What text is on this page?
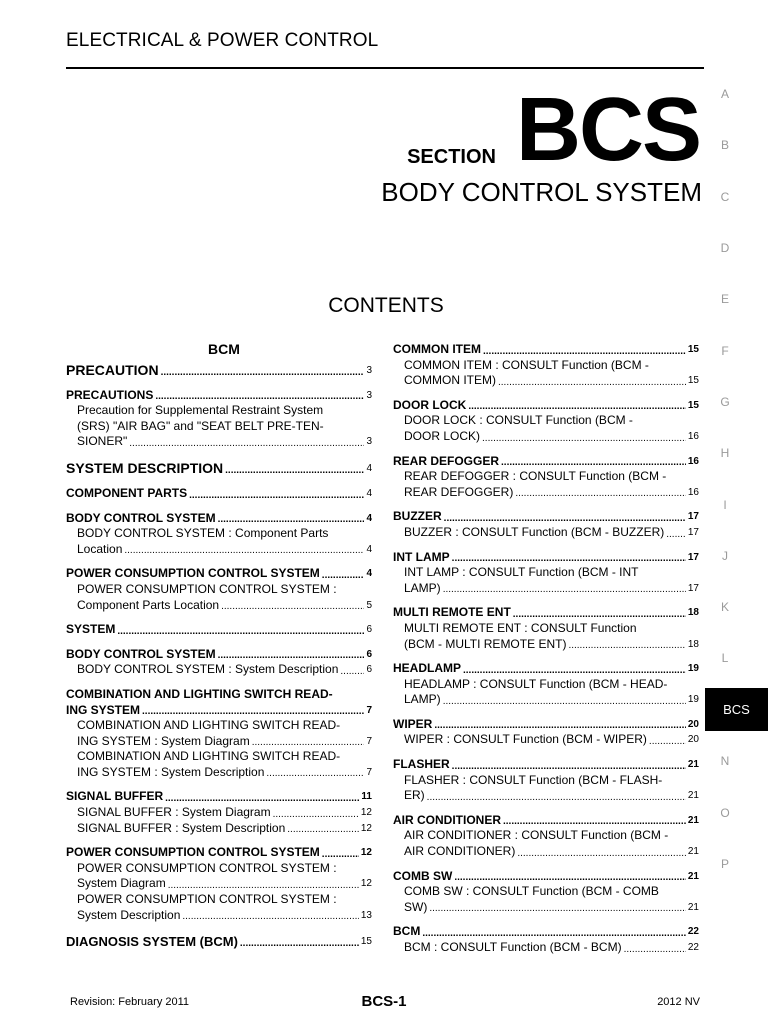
ELECTRICAL & POWER CONTROL
SECTION BCS
BODY CONTROL SYSTEM
CONTENTS
BCM
PRECAUTION .....	3
PRECAUTIONS .....	3
Precaution for Supplemental Restraint System
(SRS) "AIR BAG" and "SEAT BELT PRE-TEN-
SIONER" .....	3
SYSTEM DESCRIPTION .....	4
COMPONENT PARTS .....	4
BODY CONTROL SYSTEM .....	4
BODY CONTROL SYSTEM : Component Parts
Location .....	4
POWER CONSUMPTION CONTROL SYSTEM .....	4
POWER CONSUMPTION CONTROL SYSTEM :
Component Parts Location .....	5
SYSTEM .....	6
BODY CONTROL SYSTEM .....	6
BODY CONTROL SYSTEM : System Description .....	6
COMBINATION AND LIGHTING SWITCH READ-
ING SYSTEM .....	7
COMBINATION AND LIGHTING SWITCH READ-
ING SYSTEM : System Diagram .....	7
COMBINATION AND LIGHTING SWITCH READ-
ING SYSTEM : System Description .....	7
SIGNAL BUFFER .....	11
SIGNAL BUFFER : System Diagram .....	12
SIGNAL BUFFER : System Description .....	12
POWER CONSUMPTION CONTROL SYSTEM .....	12
POWER CONSUMPTION CONTROL SYSTEM :
System Diagram .....	12
POWER CONSUMPTION CONTROL SYSTEM :
System Description .....	13
DIAGNOSIS SYSTEM (BCM) .....	15
COMMON ITEM .....	15
COMMON ITEM : CONSULT Function (BCM -
COMMON ITEM) .....	15
DOOR LOCK .....	15
DOOR LOCK : CONSULT Function (BCM -
DOOR LOCK) .....	16
REAR DEFOGGER .....	16
REAR DEFOGGER : CONSULT Function (BCM -
REAR DEFOGGER) .....	16
BUZZER .....	17
BUZZER : CONSULT Function (BCM - BUZZER) ..... 17
INT LAMP .....	17
INT LAMP : CONSULT Function (BCM - INT
LAMP) .....	17
MULTI REMOTE ENT .....	18
MULTI REMOTE ENT : CONSULT Function
(BCM - MULTI REMOTE ENT) .....	18
HEADLAMP .....	19
HEADLAMP : CONSULT Function (BCM - HEAD-
LAMP) .....	19
WIPER .....	20
WIPER : CONSULT Function (BCM - WIPER) .....	20
FLASHER .....	21
FLASHER : CONSULT Function (BCM - FLASH-
ER) .....	21
AIR CONDITIONER .....	21
AIR CONDITIONER : CONSULT Function (BCM -
AIR CONDITIONER) .....	21
COMB SW .....	21
COMB SW : CONSULT Function (BCM - COMB
SW) .....	21
BCM .....	22
BCM : CONSULT Function (BCM - BCM) .....	22
A
B
C
D
E
F
G
H
I
J
K
L
BCS
N
O
P
Revision: February 2011	BCS-1	2012 NV
